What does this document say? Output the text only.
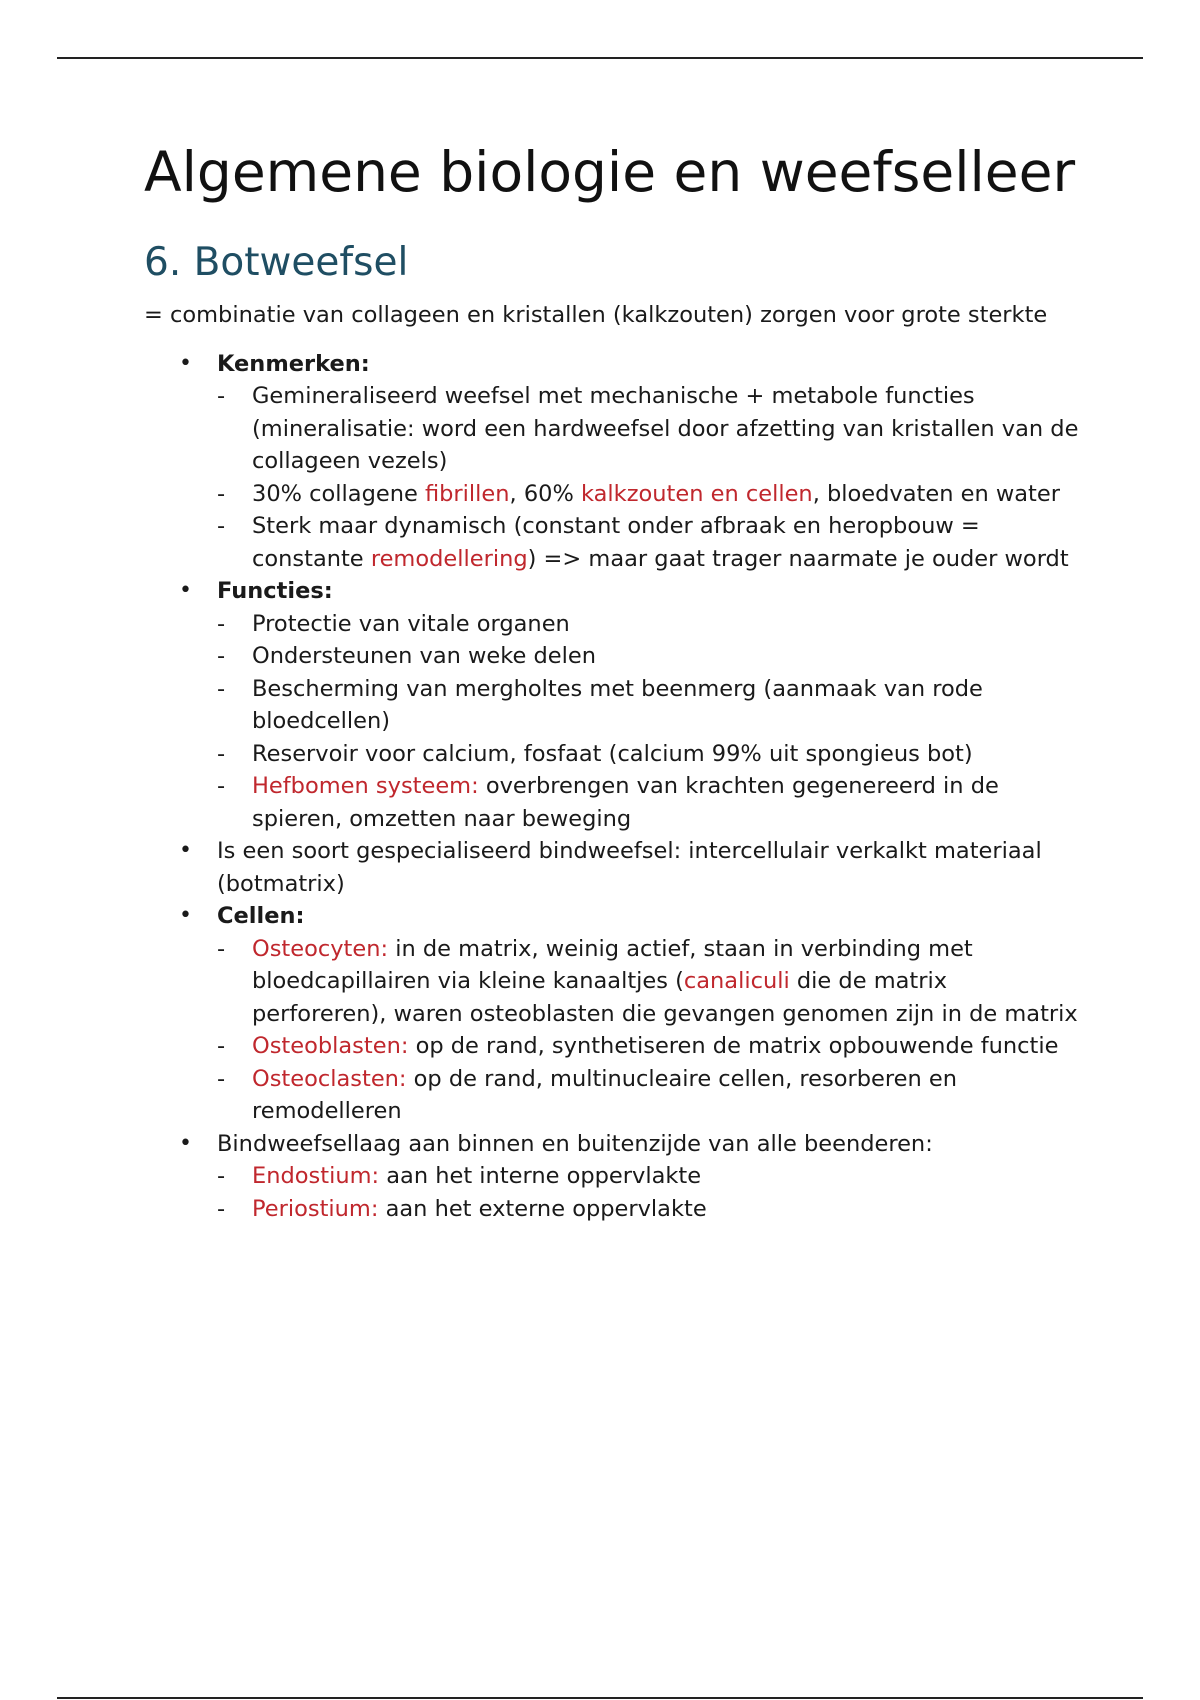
Algemene biologie en weefselleer
6. Botweefsel

= combinatie van collageen en kristallen (kalkzouten) zorgen voor grote sterkte

• Kenmerken:
- Gemineraliseerd weefsel met mechanische + metabole functies (mineralisatie: word een hardweefsel door afzetting van kristallen van de collageen vezels)
- 30% collagene fibrillen, 60% kalkzouten en cellen, bloedvaten en water
- Sterk maar dynamisch (constant onder afbraak en heropbouw = constante remodellering) => maar gaat trager naarmate je ouder wordt
• Functies:
- Protectie van vitale organen
- Ondersteunen van weke delen
- Bescherming van mergholtes met beenmerg (aanmaak van rode bloedcellen)
- Reservoir voor calcium, fosfaat (calcium 99% uit spongieus bot)
- Hefbomen systeem: overbrengen van krachten gegenereerd in de spieren, omzetten naar beweging
• Is een soort gespecialiseerd bindweefsel: intercellulair verkalkt materiaal (botmatrix)
• Cellen:
- Osteocyten: in de matrix, weinig actief, staan in verbinding met bloedcapillairen via kleine kanaaltjes (canaliculi die de matrix perforeren), waren osteoblasten die gevangen genomen zijn in de matrix
- Osteoblasten: op de rand, synthetiseren de matrix opbouwende functie
- Osteoclasten: op de rand, multinucleaire cellen, resorberen en remodelleren
• Bindweefsellaag aan binnen en buitenzijde van alle beenderen:
- Endostium: aan het interne oppervlakte
- Periostium: aan het externe oppervlakte
